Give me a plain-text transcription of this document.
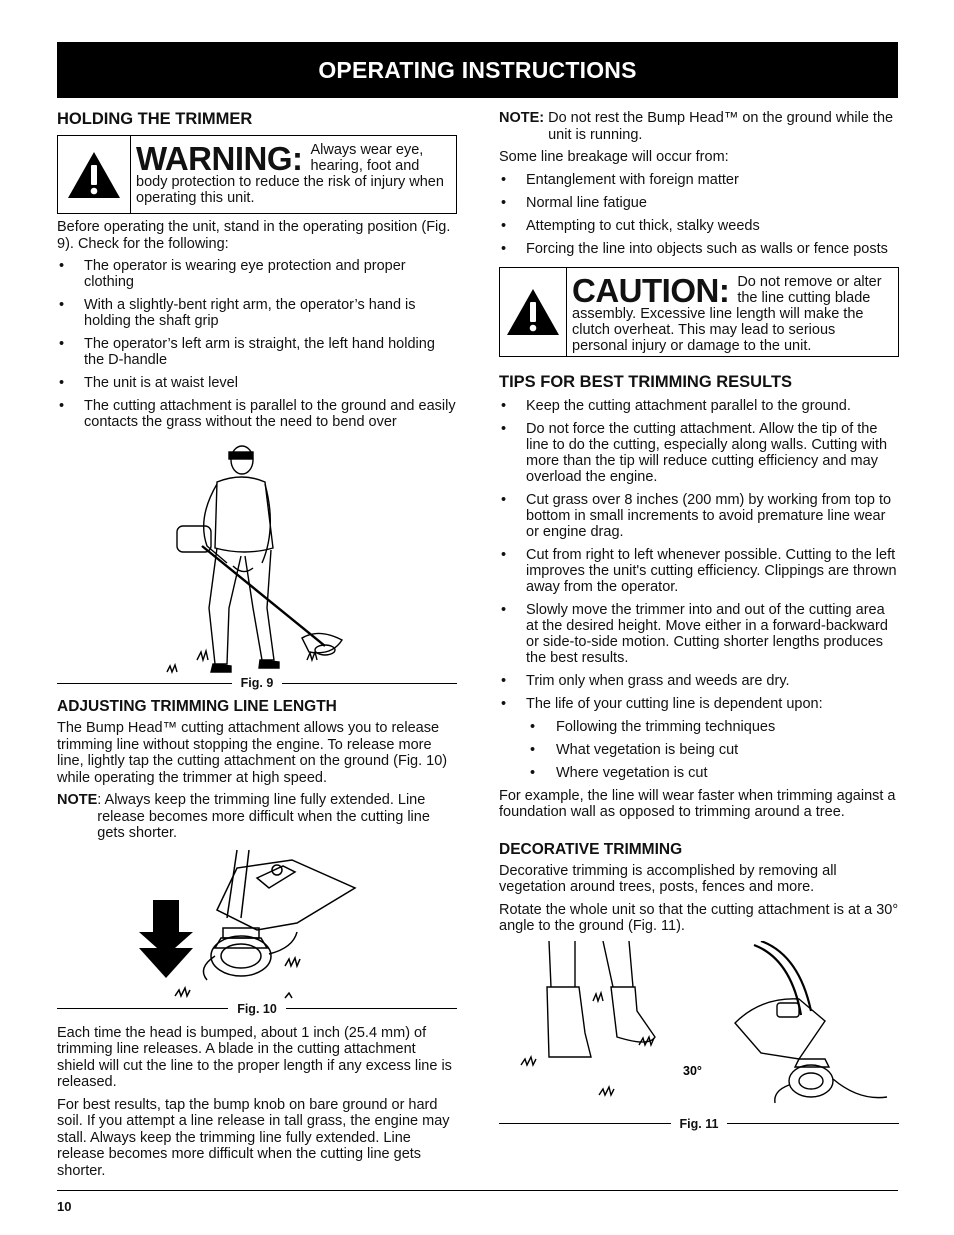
OPERATING INSTRUCTIONS
HOLDING THE TRIMMER
WARNING: Always wear eye, hearing, foot and body protection to reduce the risk of injury when operating this unit.

Before operating the unit, stand in the operating position (Fig. 9). Check for the following:

• The operator is wearing eye protection and proper clothing
• With a slightly-bent right arm, the operator’s hand is holding the shaft grip
• The operator’s left arm is straight, the left hand holding the D-handle
• The unit is at waist level
• The cutting attachment is parallel to the ground and easily contacts the grass without the need to bend over
Fig. 9
ADJUSTING TRIMMING LINE LENGTH

The Bump Head™ cutting attachment allows you to release trimming line without stopping the engine. To release more line, lightly tap the cutting attachment on the ground (Fig. 10) while operating the trimmer at high speed.

NOTE : Always keep the trimming line fully extended. Line release becomes more difficult when the cutting line gets shorter.
Fig. 10

Each time the head is bumped, about 1 inch (25.4 mm) of trimming line releases. A blade in the cutting attachment shield will cut the line to the proper length if any excess line is released.

For best results, tap the bump knob on bare ground or hard soil. If you attempt a line release in tall grass, the engine may stall. Always keep the trimming line fully extended. Line release becomes more difficult when the cutting line gets shorter.

NOTE: Do not rest the Bump Head™ on the ground while the unit is running.

Some line breakage will occur from:

• Entanglement with foreign matter
• Normal line fatigue
• Attempting to cut thick, stalky weeds
• Forcing the line into objects such as walls or fence posts
CAUTION: Do not remove or alter the line cutting blade assembly. Excessive line length will make the clutch overheat. This may lead to serious personal injury or damage to the unit.
TIPS FOR BEST TRIMMING RESULTS
• Keep the cutting attachment parallel to the ground.
• Do not force the cutting attachment. Allow the tip of the line to do the cutting, especially along walls. Cutting with more than the tip will reduce cutting efficiency and may overload the engine.
• Cut grass over 8 inches (200 mm) by working from top to bottom in small increments to avoid premature line wear or engine drag.
• Cut from right to left whenever possible. Cutting to the left improves the unit's cutting efficiency. Clippings are thrown away from the operator.
• Slowly move the trimmer into and out of the cutting area at the desired height. Move either in a forward-backward or side-to-side motion. Cutting shorter lengths produces the best results.
• Trim only when grass and weeds are dry.
• The life of your cutting line is dependent upon:
• Following the trimming techniques
• What vegetation is being cut
• Where vegetation is cut

For example, the line will wear faster when trimming against a foundation wall as opposed to trimming around a tree.

DECORATIVE TRIMMING

Decorative trimming is accomplished by removing all vegetation around trees, posts, fences and more.

Rotate the whole unit so that the cutting attachment is at a 30° angle to the ground (Fig. 11).

30°
Fig. 11
10
